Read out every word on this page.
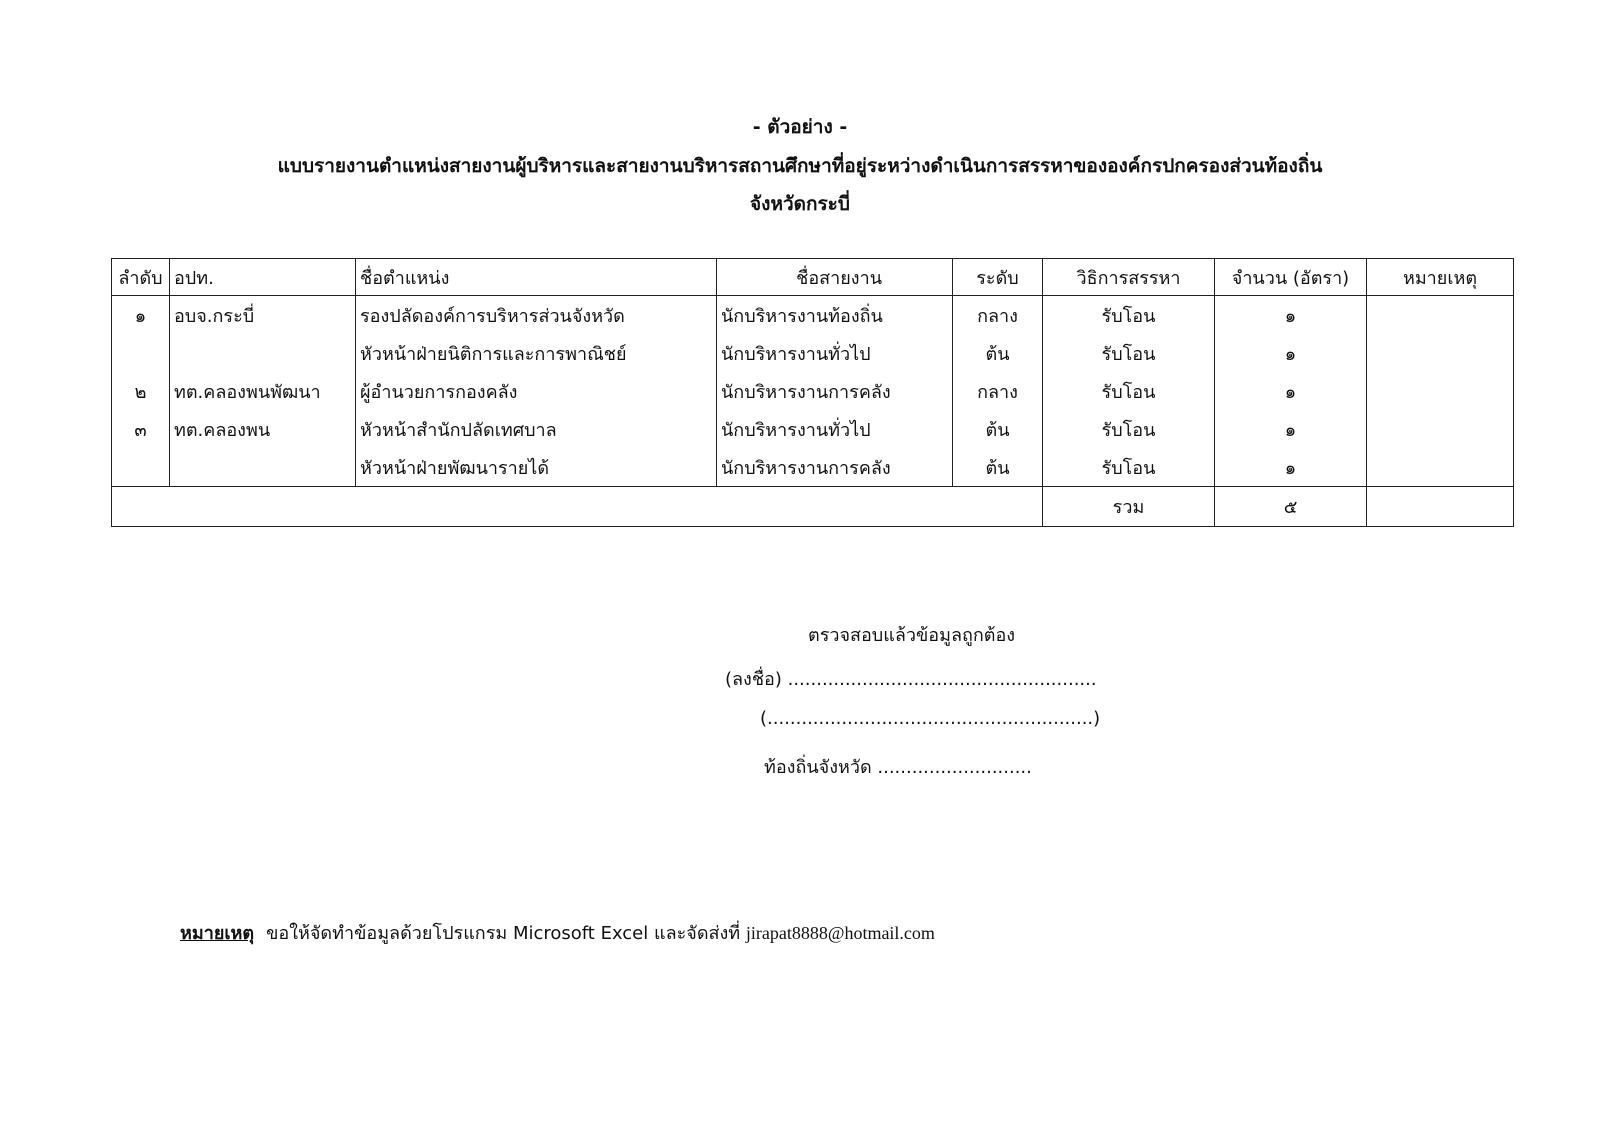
- ตัวอย่าง -
แบบรายงานตำแหน่งสายงานผู้บริหารและสายงานบริหารสถานศึกษาที่อยู่ระหว่างดำเนินการสรรหาขององค์กรปกครองส่วนท้องถิ่น
จังหวัดกระบี่
ลำดับ	อปท.	ชื่อตำแหน่ง	ชื่อสายงาน	ระดับ	วิธิการสรรหา	จำนวน (อัตรา)	หมายเหตุ
๑	อบจ.กระบี่	รองปลัดองค์การบริหารส่วนจังหวัด	นักบริหารงานท้องถิ่น	กลาง	รับโอน	๑	
		หัวหน้าฝ่ายนิติการและการพาณิชย์	นักบริหารงานทั่วไป	ต้น	รับโอน	๑	
๒	ทต.คลองพนพัฒนา	ผู้อำนวยการกองคลัง	นักบริหารงานการคลัง	กลาง	รับโอน	๑	
๓	ทต.คลองพน	หัวหน้าสำนักปลัดเทศบาล	นักบริหารงานทั่วไป	ต้น	รับโอน	๑	
		หัวหน้าฝ่ายพัฒนารายได้	นักบริหารงานการคลัง	ต้น	รับโอน	๑	
					รวม	๕	
ตรวจสอบแล้วข้อมูลถูกต้อง
(ลงชื่อ) ......................................................
(.........................................................)
ท้องถิ่นจังหวัด ...........................
หมายเหตุ ขอให้จัดทำข้อมูลด้วยโปรแกรม Microsoft Excel และจัดส่งที่ jirapat8888@hotmail.com
